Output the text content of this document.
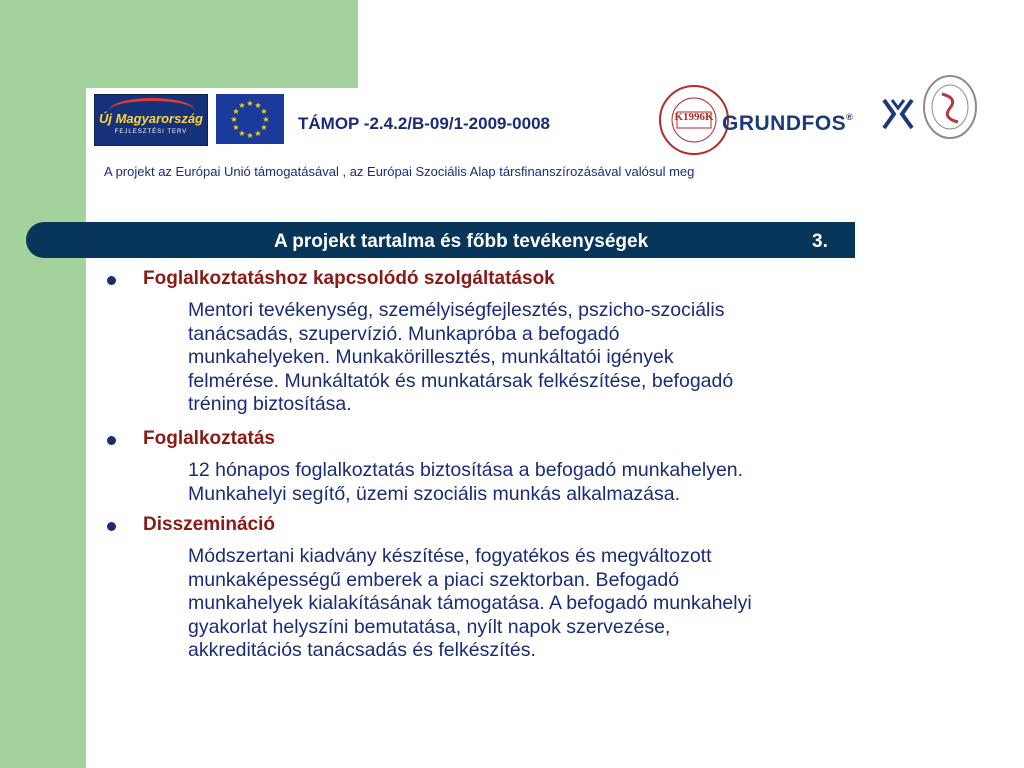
Új Magyarország
FEJLESZTÉSI TERV
★ ★
★
★
★
★
★
★
★
★
★
★
TÁMOP -2.4.2/B-09/1-2009-0008	K1996K GRUNDFOS®
A projekt az Európai Unió támogatásával , az Európai Szociális Alap társfinanszírozásával valósul meg
A projekt tartalma és főbb tevékenységek	3.
Foglalkoztatáshoz kapcsolódó szolgáltatások
Mentori tevékenység, személyiségfejlesztés, pszicho-szociális
tanácsadás, szupervízió. Munkapróba a befogadó
munkahelyeken. Munkakörillesztés, munkáltatói igények
felmérése. Munkáltatók és munkatársak felkészítése, befogadó
tréning biztosítása.
Foglalkoztatás
12 hónapos foglalkoztatás biztosítása a befogadó munkahelyen.
Munkahelyi segítő, üzemi szociális munkás alkalmazása.
Disszemináció
Módszertani kiadvány készítése, fogyatékos és megváltozott
munkaképességű emberek a piaci szektorban. Befogadó
munkahelyek kialakításának támogatása. A befogadó munkahelyi
gyakorlat helyszíni bemutatása, nyílt napok szervezése,
akkreditációs tanácsadás és felkészítés.
